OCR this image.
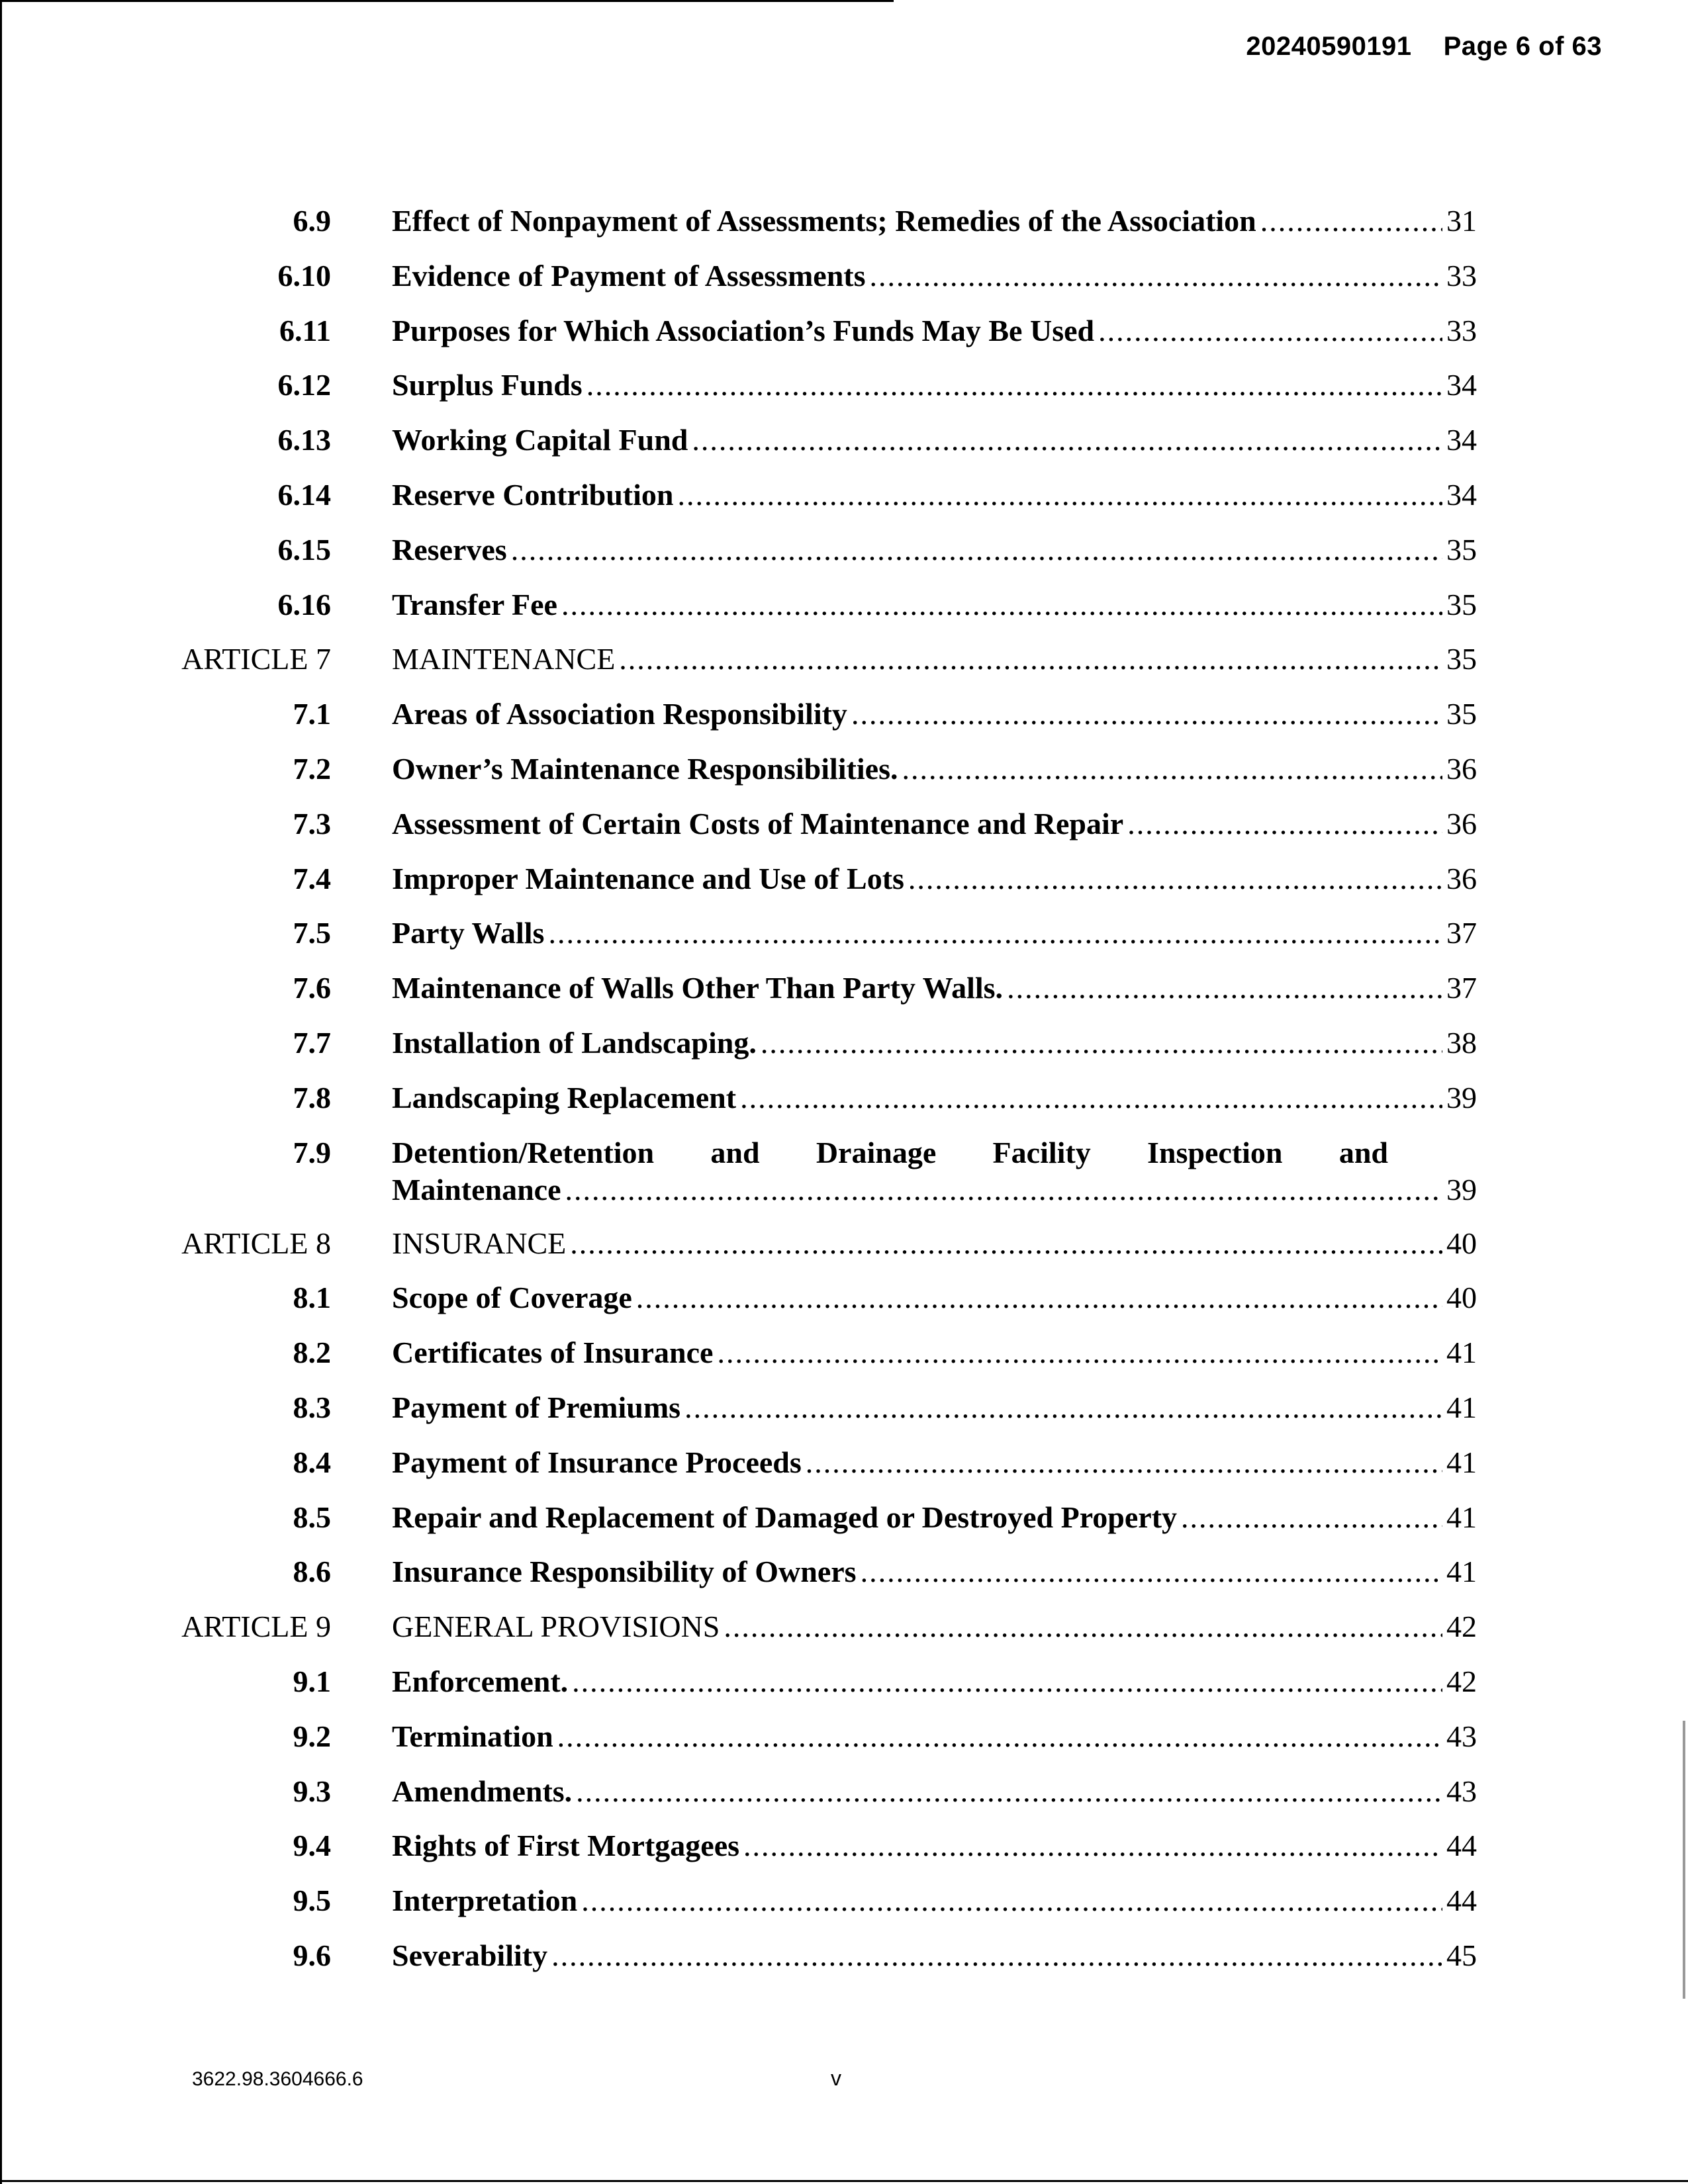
20240590191 Page 6 of 63
6.9 Effect of Nonpayment of Assessments; Remedies of the Association .....	31
6.10 Evidence of Payment of Assessments .....	33
6.11 Purposes for Which Association’s Funds May Be Used .....	33
6.12 Surplus Funds .....	34
6.13 Working Capital Fund .....	34
6.14 Reserve Contribution .....	34
6.15 Reserves .....	35
6.16 Transfer Fee .....	35
ARTICLE 7 MAINTENANCE .....	35
7.1 Areas of Association Responsibility .....	35
7.2 Owner’s Maintenance Responsibilities. .....	36
7.3 Assessment of Certain Costs of Maintenance and Repair .....	36
7.4 Improper Maintenance and Use of Lots .....	36
7.5 Party Walls .....	37
7.6 Maintenance of Walls Other Than Party Walls. .....	37
7.7 Installation of Landscaping. .....	38
7.8 Landscaping Replacement .....	39
7.9 Detention/Retention and Drainage Facility Inspection and
Maintenance .....	39
ARTICLE 8 INSURANCE .....	40
8.1 Scope of Coverage .....	40
8.2 Certificates of Insurance .....	41
8.3 Payment of Premiums .....	41
8.4 Payment of Insurance Proceeds .....	41
8.5 Repair and Replacement of Damaged or Destroyed Property .....	41
8.6 Insurance Responsibility of Owners .....	41
ARTICLE 9 GENERAL PROVISIONS .....	42
9.1 Enforcement. .....	42
9.2 Termination .....	43
9.3 Amendments. .....	43
9.4 Rights of First Mortgagees .....	44
9.5 Interpretation .....	44
9.6 Severability .....	45
3622.98.3604666.6	v
